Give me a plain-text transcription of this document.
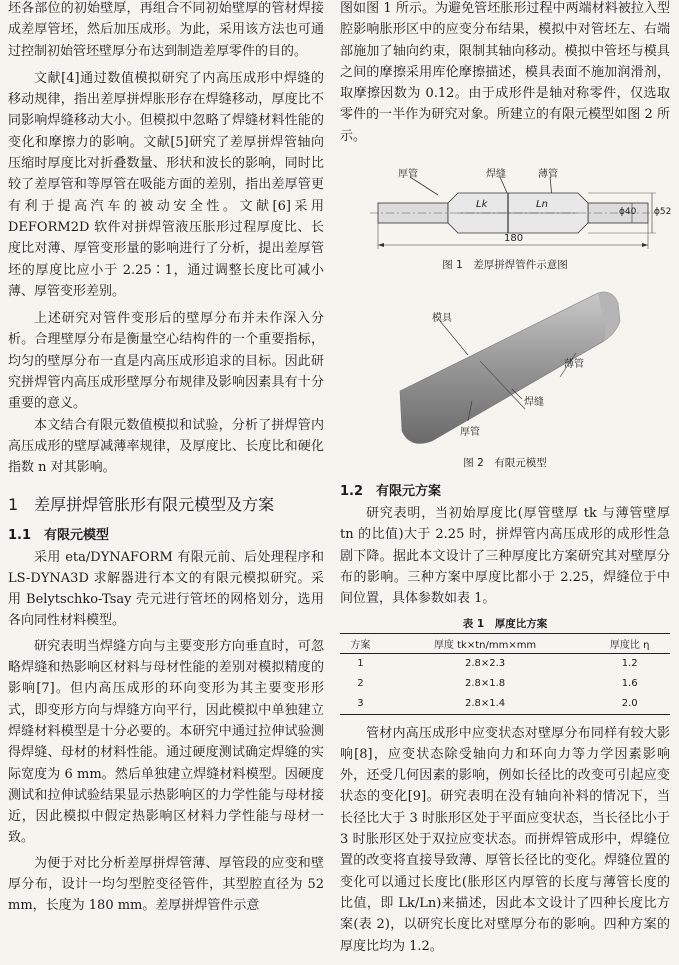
坯各部位的初始壁厚，再组合不同初始壁厚的管材焊接成差厚管坯，然后加压成形。为此，采用该方法也可通过控制初始管坯壁厚分布达到制造差厚零件的目的。

文献[4]通过数值模拟研究了内高压成形中焊缝的移动规律，指出差厚拼焊胀形存在焊缝移动，厚度比不同影响焊缝移动大小。但模拟中忽略了焊缝材料性能的变化和摩擦力的影响。文献[5]研究了差厚拼焊管轴向压缩时厚度比对折叠数量、形状和波长的影响，同时比较了差厚管和等厚管在吸能方面的差别，指出差厚管更有利于提高汽车的被动安全性。文献[6]采用 DEFORM2D 软件对拼焊管液压胀形过程厚度比、长度比对薄、厚管变形量的影响进行了分析，提出差厚管坯的厚度比应小于 2.25∶1，通过调整长度比可减小薄、厚管变形差别。

上述研究对管件变形后的壁厚分布并未作深入分析。合理壁厚分布是衡量空心结构件的一个重要指标，均匀的壁厚分布一直是内高压成形追求的目标。因此研究拼焊管内高压成形壁厚分布规律及影响因素具有十分重要的意义。

本文结合有限元数值模拟和试验，分析了拼焊管内高压成形的壁厚减薄率规律，及厚度比、长度比和硬化指数 n 对其影响。

1　差厚拼焊管胀形有限元模型及方案
1.1　有限元模型

采用 eta/DYNAFORM 有限元前、后处理程序和 LS-DYNA3D 求解器进行本文的有限元模拟研究。采用 Belytschko-Tsay 壳元进行管坯的网格划分，选用各向同性材料模型。

研究表明当焊缝方向与主要变形方向垂直时，可忽略焊缝和热影响区材料与母材性能的差别对模拟精度的影响[7]。但内高压成形的环向变形为其主要变形形式，即变形方向与焊缝方向平行，因此模拟中单独建立焊缝材料模型是十分必要的。本研究中通过拉伸试验测得焊缝、母材的材料性能。通过硬度测试确定焊缝的实际宽度为 6 mm。然后单独建立焊缝材料模型。因硬度测试和拉伸试验结果显示热影响区的力学性能与母材接近，因此模拟中假定热影响区材料力学性能与母材一致。

为便于对比分析差厚拼焊管薄、厚管段的应变和壁厚分布，设计一均匀型腔变径管件，其型腔直径为 52 mm，长度为 180 mm。差厚拼焊管件示意

图如图 1 所示。为避免管坯胀形过程中两端材料被拉入型腔影响胀形区中的应变分布结果，模拟中对管坯左、右端部施加了轴向约束，限制其轴向移动。模拟中管坯与模具之间的摩擦采用库伦摩擦描述，模具表面不施加润滑剂，取摩擦因数为 0.12。由于成形件是轴对称零件，仅选取零件的一半作为研究对象。所建立的有限元模型如图 2 所示。

厚管	焊缝	薄管
Lk	Ln
ϕ40 ϕ52
180
图 1　差厚拼焊管件示意图
模具
薄管
焊缝
厚管
图 2　有限元模型
1.2　有限元方案

研究表明，当初始厚度比(厚管壁厚 tk 与薄管壁厚 tn 的比值)大于 2.25 时，拼焊管内高压成形的成形性急剧下降。据此本文设计了三种厚度比方案研究其对壁厚分布的影响。三种方案中厚度比都小于 2.25，焊缝位于中间位置，具体参数如表 1。

表 1　厚度比方案
方案	厚度 tk×tn/mm×mm	厚度比 η
1	2.8×2.3	1.2
2	2.8×1.8	1.6
3	2.8×1.4	2.0

管材内高压成形中应变状态对壁厚分布同样有较大影响[8]，应变状态除受轴向力和环向力等力学因素影响外，还受几何因素的影响，例如长径比的改变可引起应变状态的变化[9]。研究表明在没有轴向补料的情况下，当长径比大于 3 时胀形区处于平面应变状态，当长径比小于 3 时胀形区处于双拉应变状态。而拼焊管成形中，焊缝位置的改变将直接导致薄、厚管长径比的变化。焊缝位置的变化可以通过长度比(胀形区内厚管的长度与薄管长度的比值，即 Lk/Ln)来描述，因此本文设计了四种长度比方案(表 2)，以研究长度比对壁厚分布的影响。四种方案的厚度比均为 1.2。
